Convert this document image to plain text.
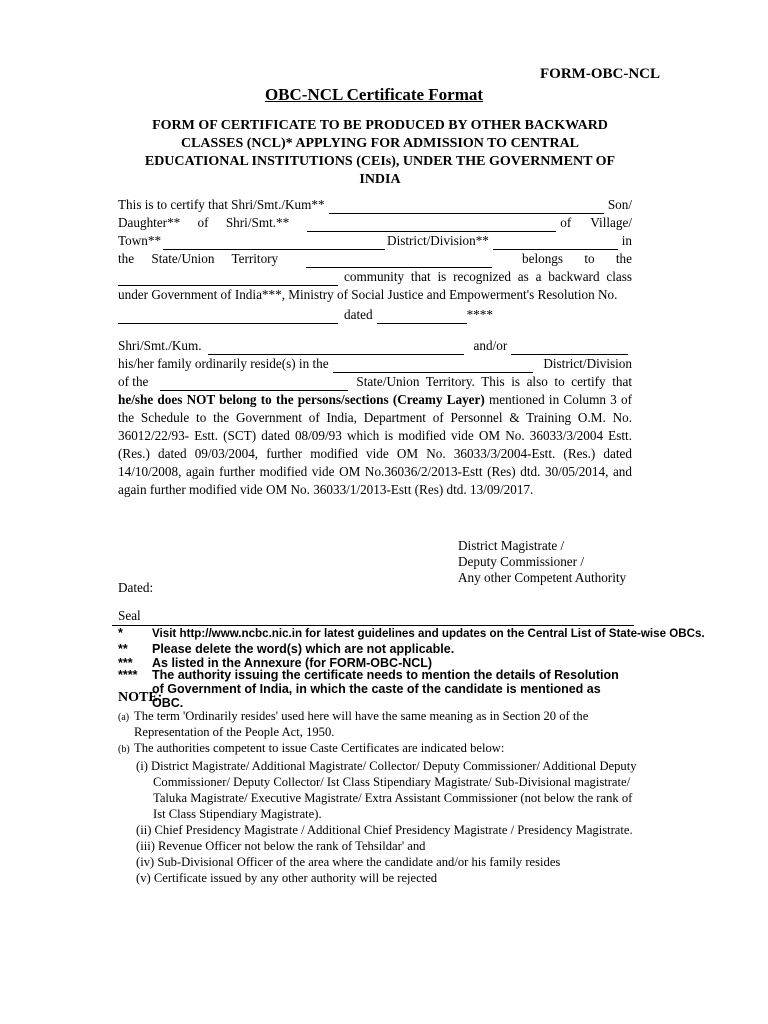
FORM-OBC-NCL
OBC-NCL Certificate Format
FORM OF CERTIFICATE TO BE PRODUCED BY OTHER BACKWARD CLASSES (NCL)* APPLYING FOR ADMISSION TO CENTRAL EDUCATIONAL INSTITUTIONS (CEIs), UNDER THE GOVERNMENT OF INDIA
This is to certify that Shri/Smt./Kum**	Son/
Daughter** of Shri/Smt.**	of Village/
Town**	District/Division**	in
the State/Union Territory	belongs to the
community that is recognized as a backward class
under Government of India***, Ministry of Social Justice and Empowerment's Resolution No.
dated	****
Shri/Smt./Kum.	and/or
his/her family ordinarily reside(s) in the	District/Division
of the	State/Union Territory. This is also to certify that
he/she does NOT belong to the persons/sections (Creamy Layer) mentioned in Column 3 of the Schedule to the Government of India, Department of Personnel & Training O.M. No. 36012/22/93- Estt. (SCT) dated 08/09/93 which is modified vide OM No. 36033/3/2004 Estt.(Res.) dated 09/03/2004, further modified vide OM No. 36033/3/2004-Estt. (Res.) dated 14/10/2008, again further modified vide OM No.36036/2/2013-Estt (Res) dtd. 30/05/2014, and again further modified vide OM No. 36033/1/2013-Estt (Res) dtd. 13/09/2017.
District Magistrate /
Deputy Commissioner /
Any other Competent Authority
Dated:
Seal
*	Visit http://www.ncbc.nic.in for latest guidelines and updates on the Central List of State-wise OBCs.
** Please delete the word(s) which are not applicable.
*** As listed in the Annexure (for FORM-OBC-NCL)
****	The authority issuing the certificate needs to mention the details of Resolution of Government of India, in which the caste of the candidate is mentioned as OBC.
NOTE:
(a) The term 'Ordinarily resides' used here will have the same meaning as in Section 20 of the Representation of the People Act, 1950.
(b) The authorities competent to issue Caste Certificates are indicated below:
(i) District Magistrate/ Additional Magistrate/ Collector/ Deputy Commissioner/ Additional Deputy Commissioner/ Deputy Collector/ Ist Class Stipendiary Magistrate/ Sub-Divisional magistrate/ Taluka Magistrate/ Executive Magistrate/ Extra Assistant Commissioner (not below the rank of Ist Class Stipendiary Magistrate).
(ii) Chief Presidency Magistrate / Additional Chief Presidency Magistrate / Presidency Magistrate.
(iii) Revenue Officer not below the rank of Tehsildar' and
(iv) Sub-Divisional Officer of the area where the candidate and/or his family resides
(v) Certificate issued by any other authority will be rejected
